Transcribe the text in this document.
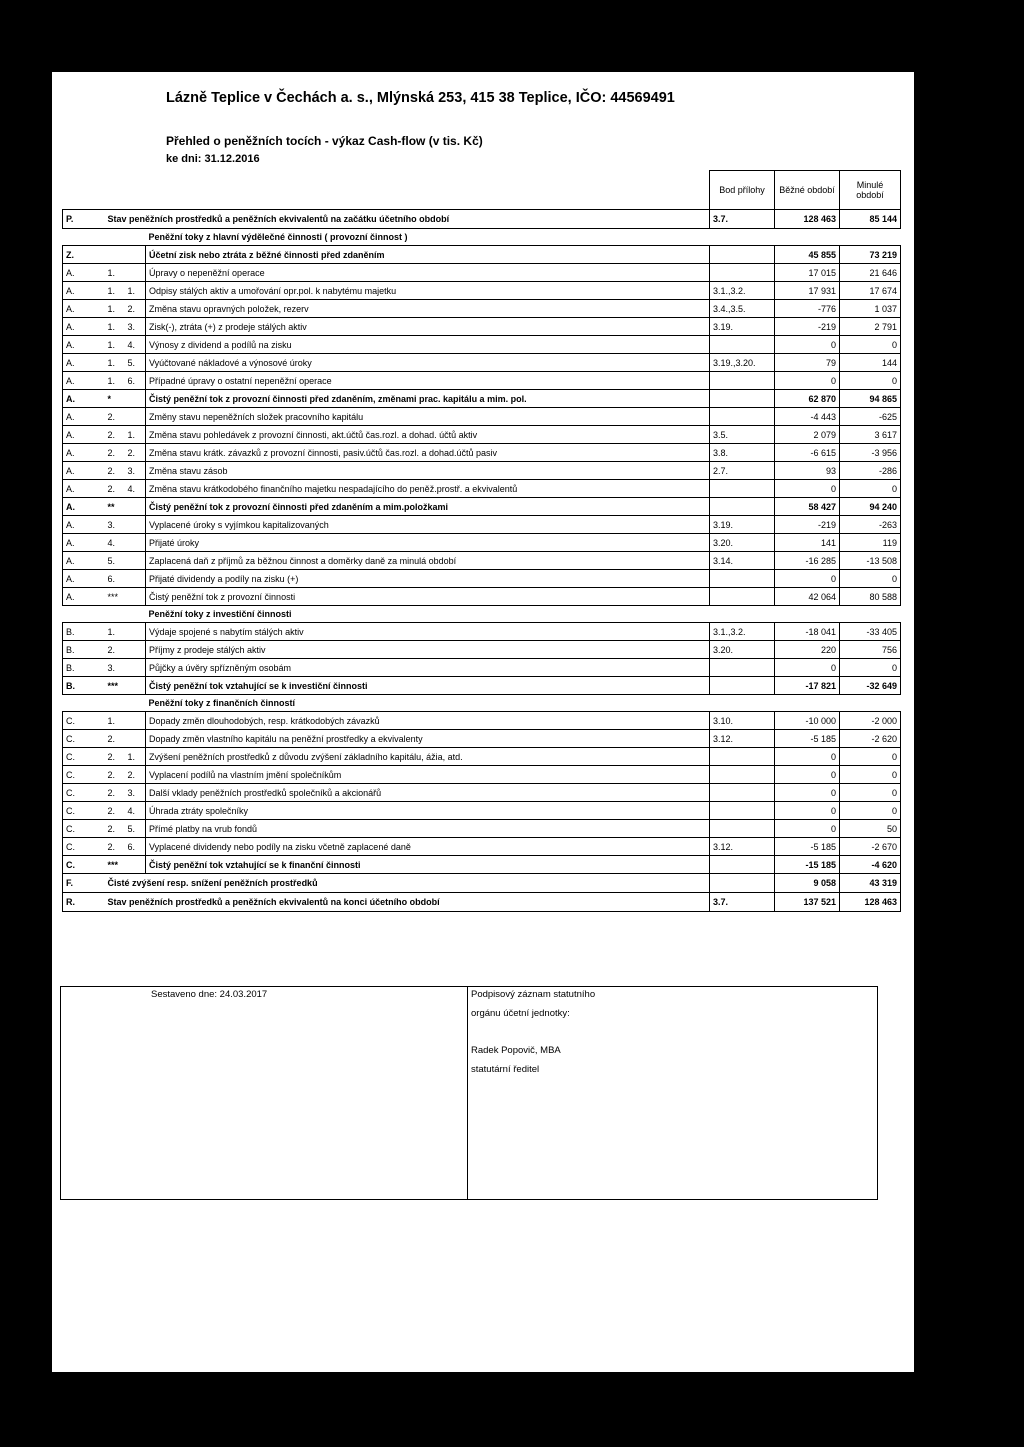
Lázně Teplice v Čechách a. s., Mlýnská 253, 415 38 Teplice, IČO: 44569491
Přehled o peněžních tocích - výkaz Cash-flow (v tis. Kč)
ke dni: 31.12.2016
				Bod přílohy	Běžné období	Minulé období
P.	Stav peněžních prostředků a peněžních ekvivalentů na začátku účetního období			3.7.	128 463	85 144
			Peněžní toky z hlavní výdělečné činnosti ( provozní činnost )			
Z.			Účetní zisk nebo ztráta z běžné činnosti před zdaněním		45 855	73 219
A.	1.		Úpravy o nepeněžní operace		17 015	21 646
A.	1.	1.	Odpisy stálých aktiv a umořování opr.pol. k nabytému majetku	3.1.,3.2.	17 931	17 674
A.	1.	2.	Změna stavu opravných položek, rezerv	3.4.,3.5.	-776	1 037
A.	1.	3.	Zisk(-), ztráta (+) z prodeje stálých aktiv	3.19.	-219	2 791
A.	1.	4.	Výnosy z dividend a podílů na zisku		0	0
A.	1.	5.	Vyúčtované nákladové a výnosové úroky	3.19.,3.20.	79	144
A.	1.	6.	Případné úpravy o ostatní nepeněžní operace		0	0
A.	*		Čistý peněžní tok z provozní činnosti před zdaněním, změnami prac. kapitálu a mim. pol.		62 870	94 865
A.	2.		Změny stavu nepeněžních složek pracovního kapitálu		-4 443	-625
A.	2.	1.	Změna stavu pohledávek z provozní činnosti, akt.účtů čas.rozl. a dohad. účtů aktiv	3.5.	2 079	3 617
A.	2.	2.	Změna stavu krátk. závazků z provozní činnosti, pasiv.účtů čas.rozl. a dohad.účtů pasiv	3.8.	-6 615	-3 956
A.	2.	3.	Změna stavu zásob	2.7.	93	-286
A.	2.	4.	Změna stavu krátkodobého finančního majetku nespadajícího do peněž.prostř. a ekvivalentů		0	0
A.	**		Čistý peněžní tok z provozní činnosti před zdaněním a mim.položkami		58 427	94 240
A.	3.		Vyplacené úroky s vyjímkou kapitalizovaných	3.19.	-219	-263
A.	4.		Přijaté úroky	3.20.	141	119
A.	5.		Zaplacená daň z příjmů za běžnou činnost a doměrky daně za minulá období	3.14.	-16 285	-13 508
A.	6.		Přijaté dividendy a podíly na zisku (+)		0	0
A.	***		Čistý peněžní tok z provozní činnosti		42 064	80 588
			Peněžní toky z investiční činnosti			
B.	1.		Výdaje spojené s nabytím stálých aktiv	3.1.,3.2.	-18 041	-33 405
B.	2.		Příjmy z prodeje stálých aktiv	3.20.	220	756
B.	3.		Půjčky a úvěry spřízněným osobám		0	0
B.	***		Čistý peněžní tok vztahující se k investiční činnosti		-17 821	-32 649
			Peněžní toky z finančních činností			
C.	1.		Dopady změn dlouhodobých, resp. krátkodobých závazků	3.10.	-10 000	-2 000
C.	2.		Dopady změn vlastního kapitálu na peněžní prostředky a ekvivalenty	3.12.	-5 185	-2 620
C.	2.	1.	Zvýšení peněžních prostředků z důvodu zvýšení základního kapitálu, ážia, atd.		0	0
C.	2.	2.	Vyplacení podílů na vlastním jmění společníkům		0	0
C.	2.	3.	Další vklady peněžních prostředků společníků a akcionářů		0	0
C.	2.	4.	Úhrada ztráty společníky		0	0
C.	2.	5.	Přímé platby na vrub fondů		0	50
C.	2.	6.	Vyplacené dividendy nebo podíly na zisku včetně zaplacené daně	3.12.	-5 185	-2 670
C.	***		Čistý peněžní tok vztahující se k finanční činnosti		-15 185	-4 620
F.	Čisté zvýšení resp. snížení peněžních prostředků				9 058	43 319
R.	Stav peněžních prostředků a peněžních ekvivalentů na konci účetního období			3.7.	137 521	128 463
Sestaveno dne: 24.03.2017	Podpisový záznam statutního
orgánu účetní jednotky:
Radek Popovič, MBA
statutární ředitel
